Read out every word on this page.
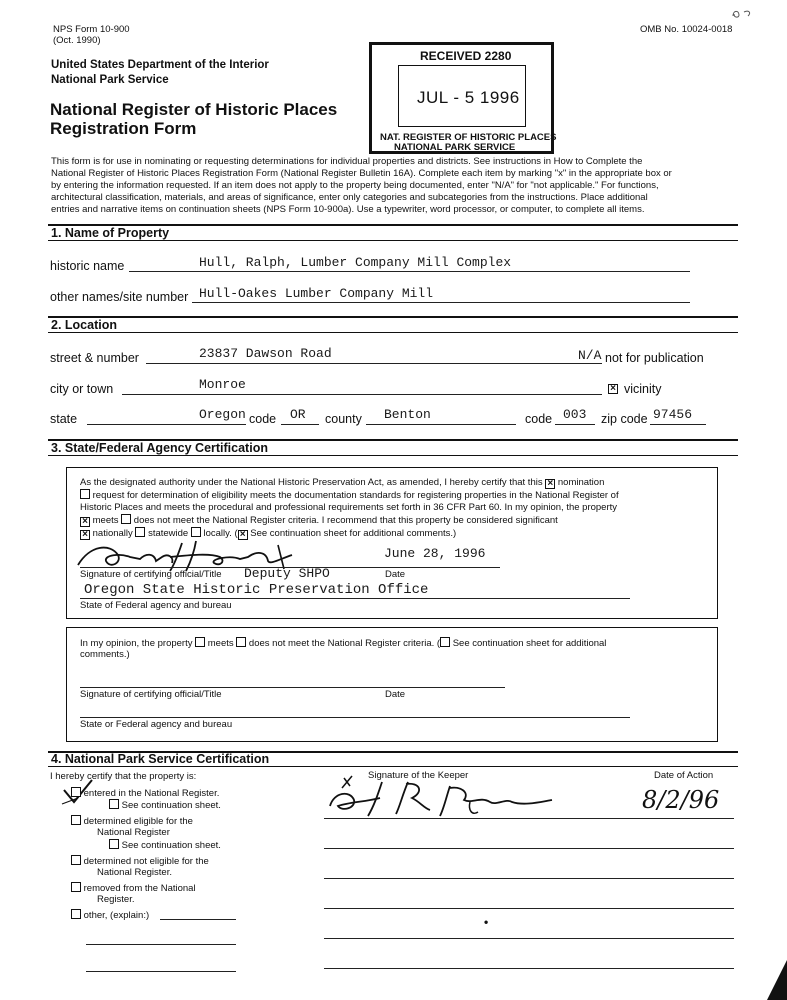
NPS Form 10-900
(Oct. 1990)
OMB No. 10024-0018
United States Department of the Interior
National Park Service
National Register of Historic Places
Registration Form
RECEIVED 2280
JUL - 5 1996
NAT. REGISTER OF HISTORIC PLACES
NATIONAL PARK SERVICE
This form is for use in nominating or requesting determinations for individual properties and districts. See instructions in How to Complete the
National Register of Historic Places Registration Form (National Register Bulletin 16A). Complete each item by marking "x" in the appropriate box or
by entering the information requested. If an item does not apply to the property being documented, enter "N/A" for "not applicable." For functions,
architectural classification, materials, and areas of significance, enter only categories and subcategories from the instructions. Place additional
entries and narrative items on continuation sheets (NPS Form 10-900a). Use a typewriter, word processor, or computer, to complete all items.
1. Name of Property
historic name	Hull, Ralph, Lumber Company Mill Complex
other names/site number Hull-Oakes Lumber Company Mill
2. Location
street & number	23837 Dawson Road	N/A not for publication
city or town	Monroe	× vicinity
state	Oregon code OR county Benton	code 003 zip code 97456
3. State/Federal Agency Certification
As the designated authority under the National Historic Preservation Act, as amended, I hereby certify that this × nomination
request for determination of eligibility meets the documentation standards for registering properties in the National Register of
Historic Places and meets the procedural and professional requirements set forth in 36 CFR Part 60. In my opinion, the property
× meets does not meet the National Register criteria. I recommend that this property be considered significant
× nationally statewide locally. ( × See continuation sheet for additional comments.)
June 28, 1996
Signature of certifying official/Title Deputy SHPO	Date
Oregon State Historic Preservation Office
State of Federal agency and bureau
In my opinion, the property meets does not meet the National Register criteria. ( See continuation sheet for additional
comments.)
Signature of certifying official/Title	Date
State or Federal agency and bureau
4. National Park Service Certification
I hereby certify that the property is:	Signature of the Keeper	Date of Action
8/2/96
•
entered in the National Register.
See continuation sheet.
determined eligible for the
National Register
See continuation sheet.
determined not eligible for the
National Register.
removed from the National
Register.
other, (explain:)
